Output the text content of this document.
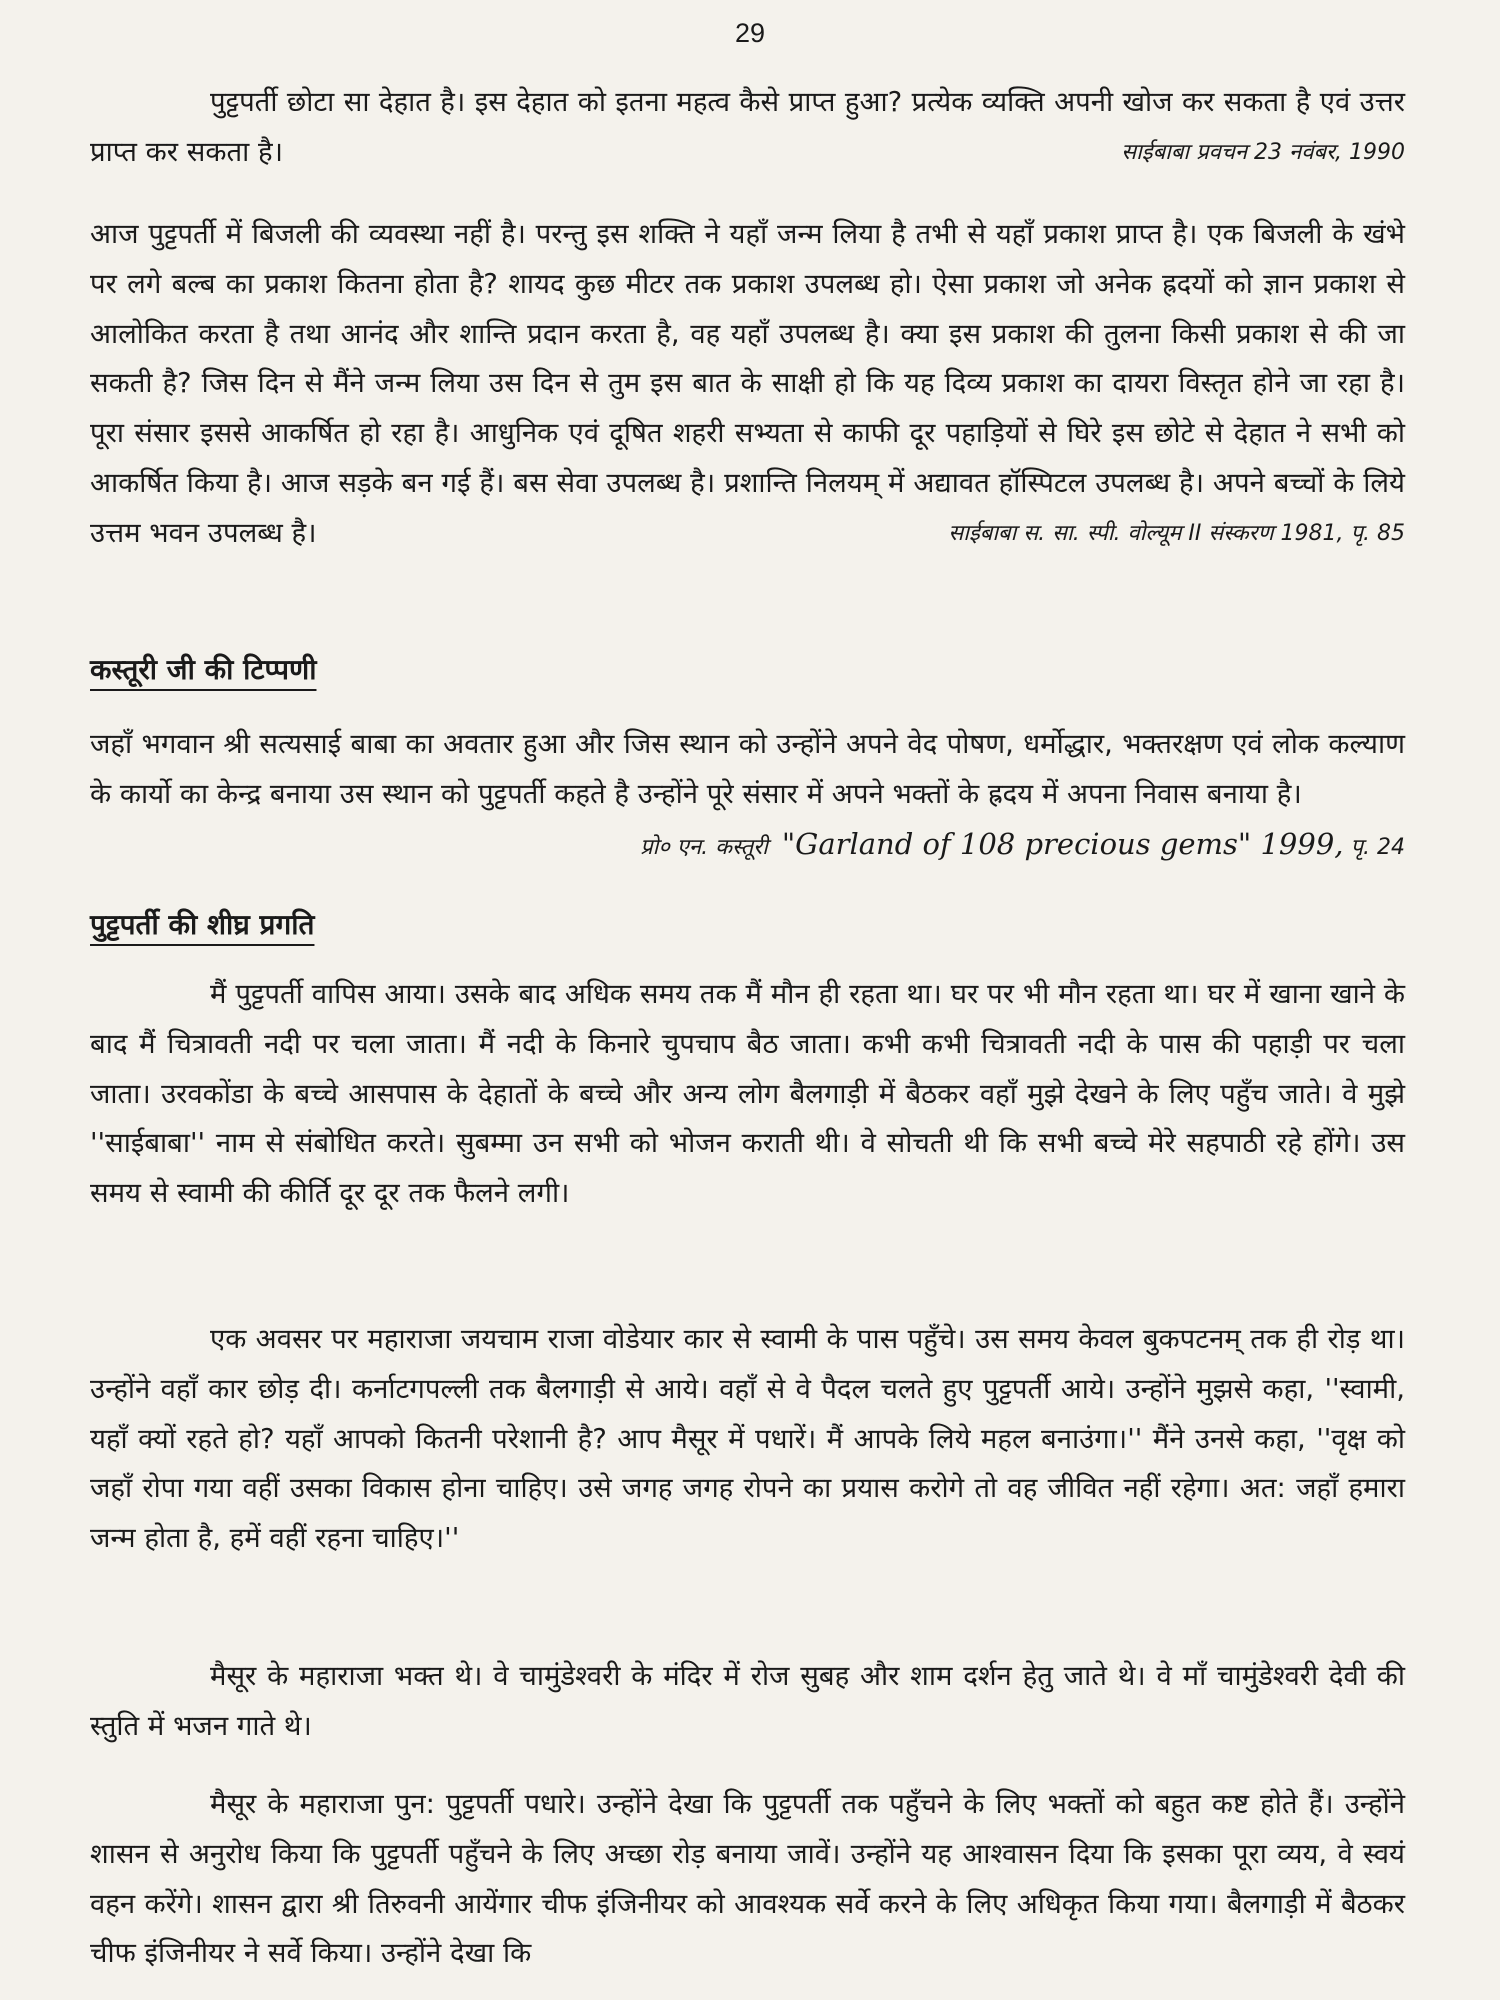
29

पुट्टपर्ती छोटा सा देहात है। इस देहात को इतना महत्व कैसे प्राप्त हुआ? प्रत्येक व्यक्ति अपनी खोज कर सकता है एवं उत्तर प्राप्त कर सकता है।	साईबाबा प्रवचन 23 नवंबर, 1990

आज पुट्टपर्ती में बिजली की व्यवस्था नहीं है। परन्तु इस शक्ति ने यहाँ जन्म लिया है तभी से यहाँ प्रकाश प्राप्त है। एक बिजली के खंभे पर लगे बल्ब का प्रकाश कितना होता है? शायद कुछ मीटर तक प्रकाश उपलब्ध हो। ऐसा प्रकाश जो अनेक ह्रदयों को ज्ञान प्रकाश से आलोकित करता है तथा आनंद और शान्ति प्रदान करता है, वह यहाँ उपलब्ध है। क्या इस प्रकाश की तुलना किसी प्रकाश से की जा सकती है? जिस दिन से मैंने जन्म लिया उस दिन से तुम इस बात के साक्षी हो कि यह दिव्य प्रकाश का दायरा विस्तृत होने जा रहा है। पूरा संसार इससे आकर्षित हो रहा है। आधुनिक एवं दूषित शहरी सभ्यता से काफी दूर पहाड़ियों से घिरे इस छोटे से देहात ने सभी को आकर्षित किया है। आज सड़के बन गई हैं। बस सेवा उपलब्ध है। प्रशान्ति निलयम् में अद्यावत हॉस्पिटल उपलब्ध है। अपने बच्चों के लिये उत्तम भवन उपलब्ध है।	साईबाबा स. सा. स्पी. वोल्यूम II संस्करण 1981, पृ. 85

कस्तूरी जी की टिप्पणी

जहाँ भगवान श्री सत्यसाई बाबा का अवतार हुआ और जिस स्थान को उन्होंने अपने वेद पोषण, धर्मोद्धार, भक्तरक्षण एवं लोक कल्याण के कार्यो का केन्द्र बनाया उस स्थान को पुट्टपर्ती कहते है उन्होंने पूरे संसार में अपने भक्तों के ह्रदय में अपना निवास बनाया है।
प्रो० एन. कस्तूरी "Garland of 108 precious gems" 1999, पृ. 24

पुट्टपर्ती की शीघ्र प्रगति

मैं पुट्टपर्ती वापिस आया। उसके बाद अधिक समय तक मैं मौन ही रहता था। घर पर भी मौन रहता था। घर में खाना खाने के बाद मैं चित्रावती नदी पर चला जाता। मैं नदी के किनारे चुपचाप बैठ जाता। कभी कभी चित्रावती नदी के पास की पहाड़ी पर चला जाता। उरवकोंडा के बच्चे आसपास के देहातों के बच्चे और अन्य लोग बैलगाड़ी में बैठकर वहाँ मुझे देखने के लिए पहुँच जाते। वे मुझे ''साईबाबा'' नाम से संबोधित करते। सुबम्मा उन सभी को भोजन कराती थी। वे सोचती थी कि सभी बच्चे मेरे सहपाठी रहे होंगे। उस समय से स्वामी की कीर्ति दूर दूर तक फैलने लगी।

एक अवसर पर महाराजा जयचाम राजा वोडेयार कार से स्वामी के पास पहुँचे। उस समय केवल बुकपटनम् तक ही रोड़ था। उन्होंने वहाँ कार छोड़ दी। कर्नाटगपल्ली तक बैलगाड़ी से आये। वहाँ से वे पैदल चलते हुए पुट्टपर्ती आये। उन्होंने मुझसे कहा, ''स्वामी, यहाँ क्यों रहते हो? यहाँ आपको कितनी परेशानी है? आप मैसूर में पधारें। मैं आपके लिये महल बनाउंगा।'' मैंने उनसे कहा, ''वृक्ष को जहाँ रोपा गया वहीं उसका विकास होना चाहिए। उसे जगह जगह रोपने का प्रयास करोगे तो वह जीवित नहीं रहेगा। अत: जहाँ हमारा जन्म होता है, हमें वहीं रहना चाहिए।''

मैसूर के महाराजा भक्त थे। वे चामुंडेश्वरी के मंदिर में रोज सुबह और शाम दर्शन हेतु जाते थे। वे माँ चामुंडेश्वरी देवी की स्तुति में भजन गाते थे।

मैसूर के महाराजा पुन: पुट्टपर्ती पधारे। उन्होंने देखा कि पुट्टपर्ती तक पहुँचने के लिए भक्तों को बहुत कष्ट होते हैं। उन्होंने शासन से अनुरोध किया कि पुट्टपर्ती पहुँचने के लिए अच्छा रोड़ बनाया जावें। उन्होंने यह आश्वासन दिया कि इसका पूरा व्यय, वे स्वयं वहन करेंगे। शासन द्वारा श्री तिरुवनी आयेंगार चीफ इंजिनीयर को आवश्यक सर्वे करने के लिए अधिकृत किया गया। बैलगाड़ी में बैठकर चीफ इंजिनीयर ने सर्वे किया। उन्होंने देखा कि
